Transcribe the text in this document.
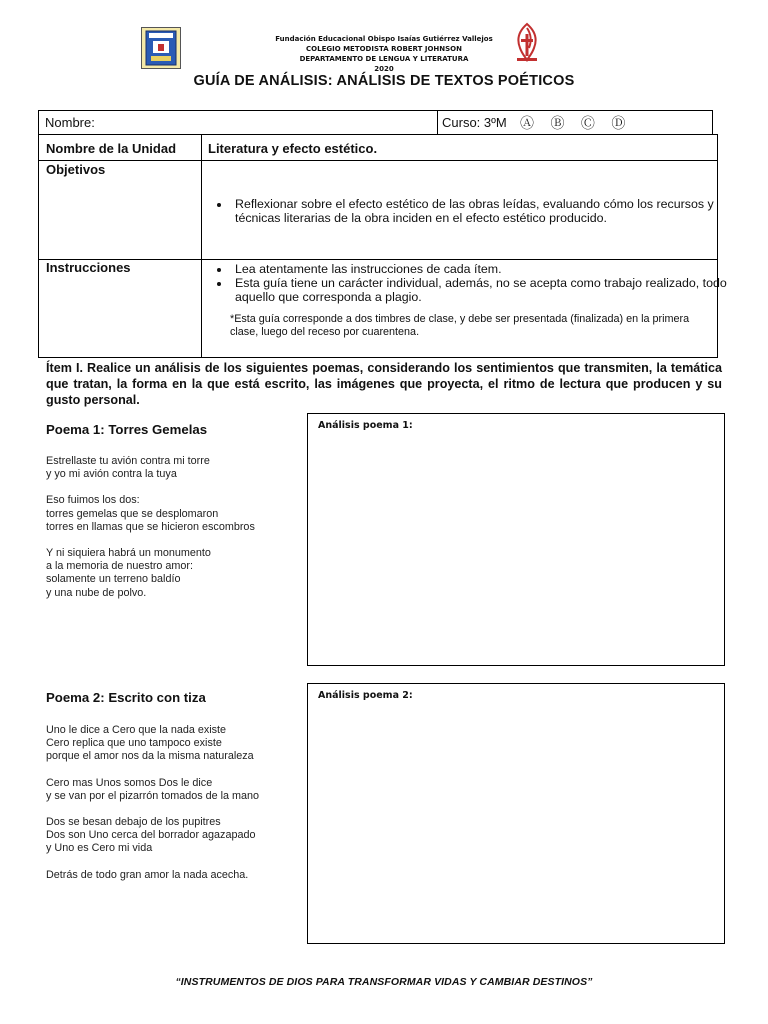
Fundación Educacional Obispo Isaías Gutiérrez Vallejos
COLEGIO METODISTA ROBERT JOHNSON
DEPARTAMENTO DE LENGUA Y LITERATURA
2020
GUÍA DE ANÁLISIS: ANÁLISIS DE TEXTOS POÉTICOS
Nombre:	Curso: 3ºM Ⓐ Ⓑ Ⓒ Ⓓ
Nombre de la Unidad Literatura y efecto estético.
Objetivos
• Reflexionar sobre el efecto estético de las obras leídas, evaluando cómo los recursos y técnicas literarias de la obra inciden en el efecto estético producido.
Instrucciones
•	Lea atentamente las instrucciones de cada ítem.
• Esta guía tiene un carácter individual, además, no se acepta como trabajo realizado, todo aquello que corresponda a plagio.
*Esta guía corresponde a dos timbres de clase, y debe ser presentada (finalizada) en la primera clase, luego del receso por cuarentena.
Ítem I. Realice un análisis de los siguientes poemas, considerando los sentimientos que transmiten, la temática que tratan, la forma en la que está escrito, las imágenes que proyecta, el ritmo de lectura que producen y su gusto personal.
Poema 1: Torres Gemelas
Estrellaste tu avión contra mi torre
y yo mi avión contra la tuya
Eso fuimos los dos:
torres gemelas que se desplomaron
torres en llamas que se hicieron escombros
Y ni siquiera habrá un monumento
a la memoria de nuestro amor:
solamente un terreno baldío
y una nube de polvo.
Análisis poema 1:
Poema 2: Escrito con tiza
Uno le dice a Cero que la nada existe
Cero replica que uno tampoco existe
porque el amor nos da la misma naturaleza
Cero mas Unos somos Dos le dice
y se van por el pizarrón tomados de la mano
Dos se besan debajo de los pupitres
Dos son Uno cerca del borrador agazapado
y Uno es Cero mi vida
Detrás de todo gran amor la nada acecha.
Análisis poema 2:
“INSTRUMENTOS DE DIOS PARA TRANSFORMAR VIDAS Y CAMBIAR DESTINOS”
